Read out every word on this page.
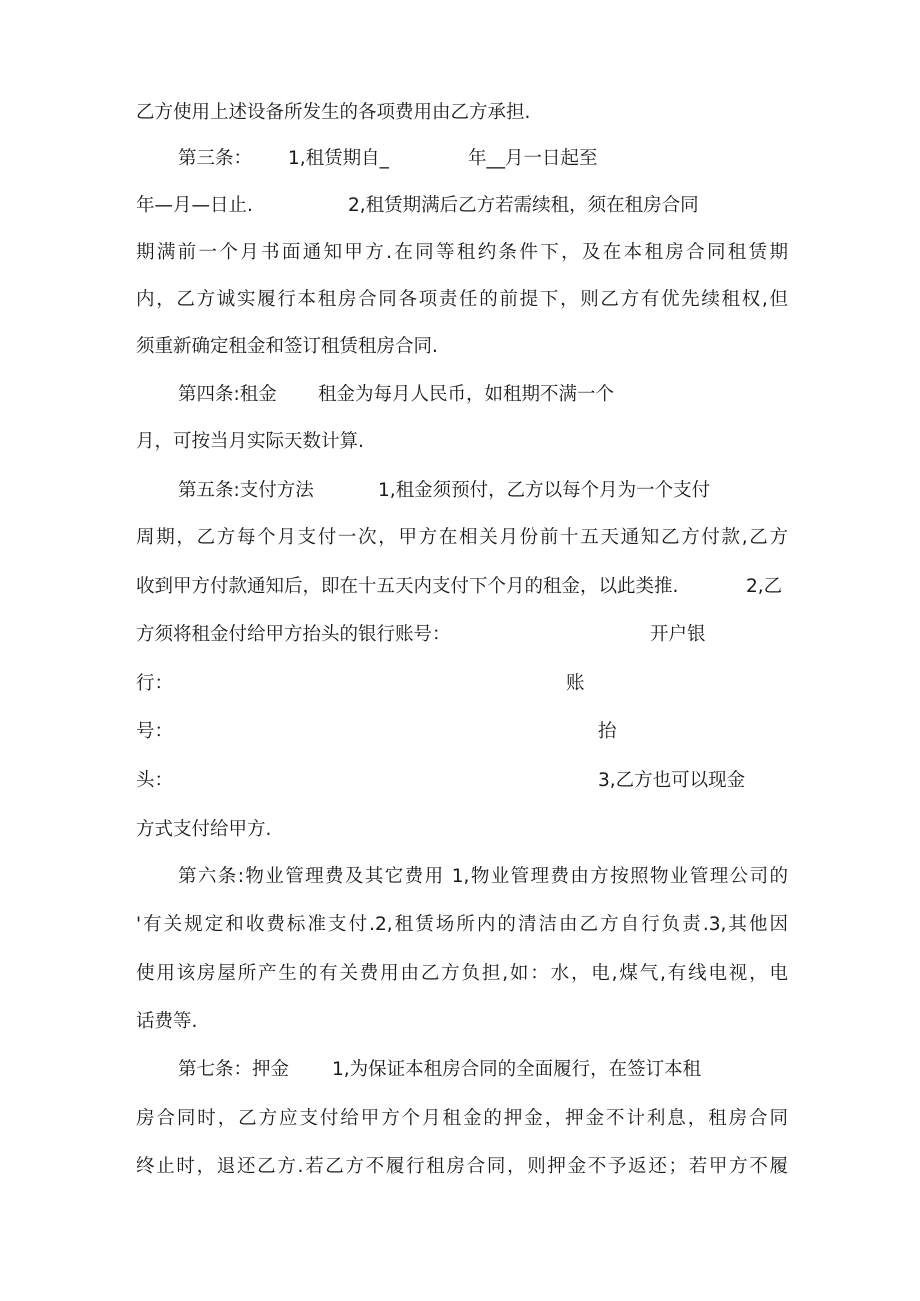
乙方使用上述设备所发生的各项费用由乙方承担.
第三条： 1,租赁期自_	年__月一日起至
年—月—日止.	2,租赁期满后乙方若需续租，须在租房合同
期满前一个月书面通知甲方.在同等租约条件下，及在本租房合同租赁期
内，乙方诚实履行本租房合同各项责任的前提下，则乙方有优先续租权,但
须重新确定租金和签订租赁租房合同.
第四条:租金 租金为每月人民币，如租期不满一个
月，可按当月实际天数计算.
第五条:支付方法	1,租金须预付，乙方以每个月为一个支付
周期，乙方每个月支付一次，甲方在相关月份前十五天通知乙方付款,乙方
收到甲方付款通知后，即在十五天内支付下个月的租金，以此类推.	2,乙
方须将租金付给甲方抬头的银行账号：	开户银
行：	账
号：	抬
头：	3,乙方也可以现金
方式支付给甲方.
第六条:物业管理费及其它费用 1,物业管理费由方按照物业管理公司的
'有关规定和收费标准支付.2,租赁场所内的清洁由乙方自行负责.3,其他因
使用该房屋所产生的有关费用由乙方负担,如：水，电,煤气,有线电视，电
话费等.
第七条：押金 1,为保证本租房合同的全面履行，在签订本租
房合同时，乙方应支付给甲方个月租金的押金，押金不计利息，租房合同
终止时，退还乙方.若乙方不履行租房合同，则押金不予返还；若甲方不履
